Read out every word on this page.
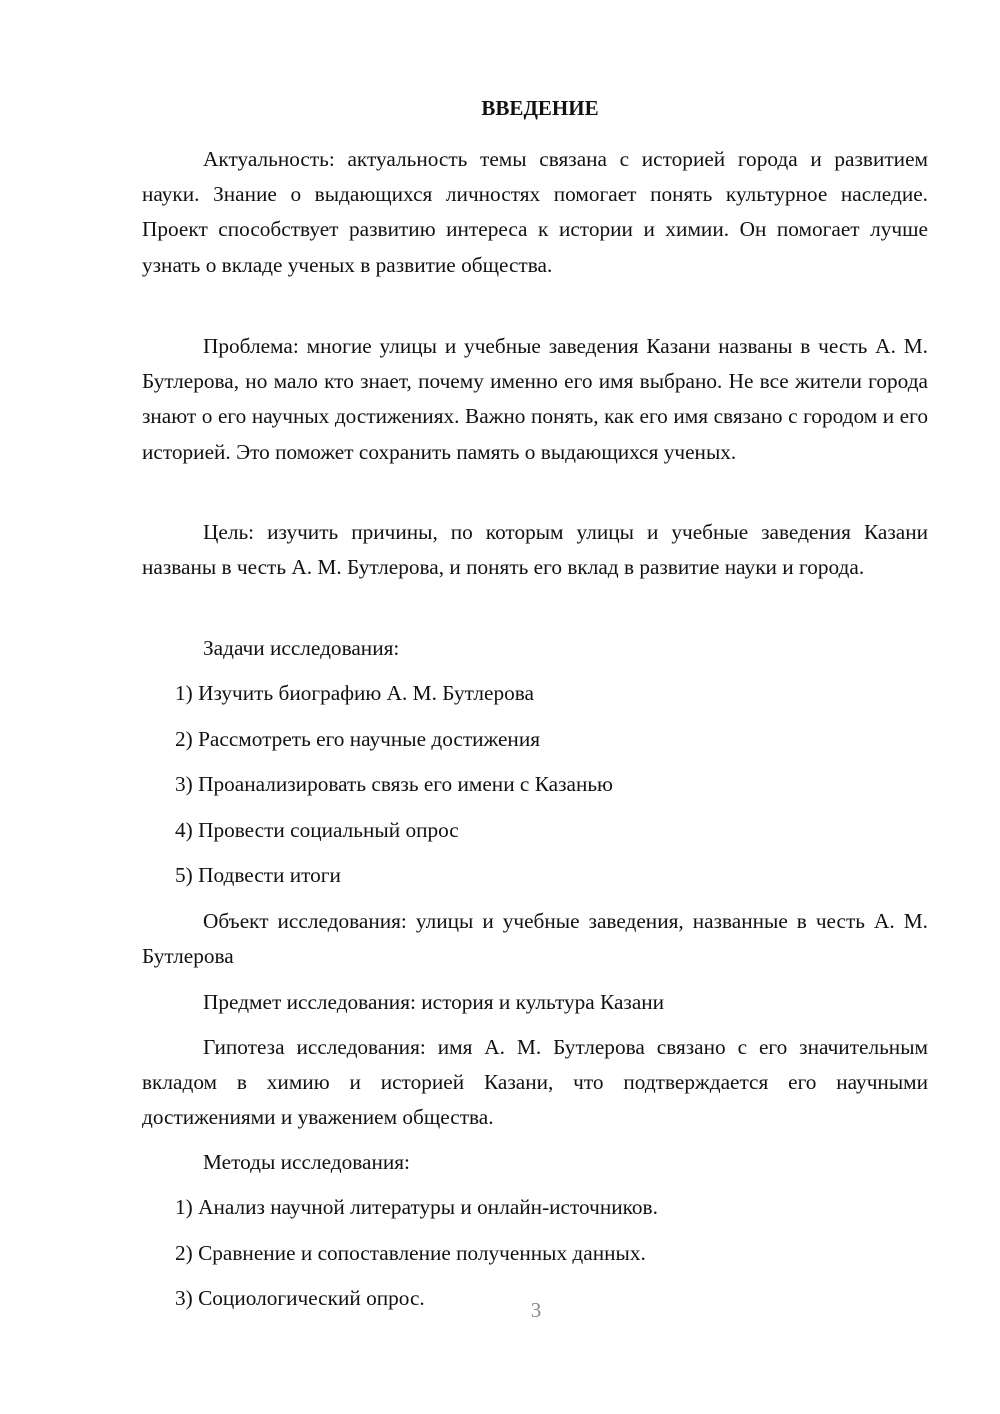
ВВЕДЕНИЕ

Актуальность: актуальность темы связана с историей города и развитием науки. Знание о выдающихся личностях помогает понять культурное наследие. Проект способствует развитию интереса к истории и химии. Он помогает лучше узнать о вкладе ученых в развитие общества.

Проблема: многие улицы и учебные заведения Казани названы в честь А. М. Бутлерова, но мало кто знает, почему именно его имя выбрано. Не все жители города знают о его научных достижениях. Важно понять, как его имя связано с городом и его историей. Это поможет сохранить память о выдающихся ученых.

Цель: изучить причины, по которым улицы и учебные заведения Казани названы в честь А. М. Бутлерова, и понять его вклад в развитие науки и города.

Задачи исследования:

1) Изучить биографию А. М. Бутлерова

2) Рассмотреть его научные достижения

3) Проанализировать связь его имени с Казанью

4) Провести социальный опрос

5) Подвести итоги

Объект исследования: улицы и учебные заведения, названные в честь А. М. Бутлерова

Предмет исследования: история и культура Казани

Гипотеза исследования: имя А. М. Бутлерова связано с его значительным вкладом в химию и историей Казани, что подтверждается его научными достижениями и уважением общества.

Методы исследования:

1) Анализ научной литературы и онлайн-источников.

2) Сравнение и сопоставление полученных данных.

3) Социологический опрос.	3
